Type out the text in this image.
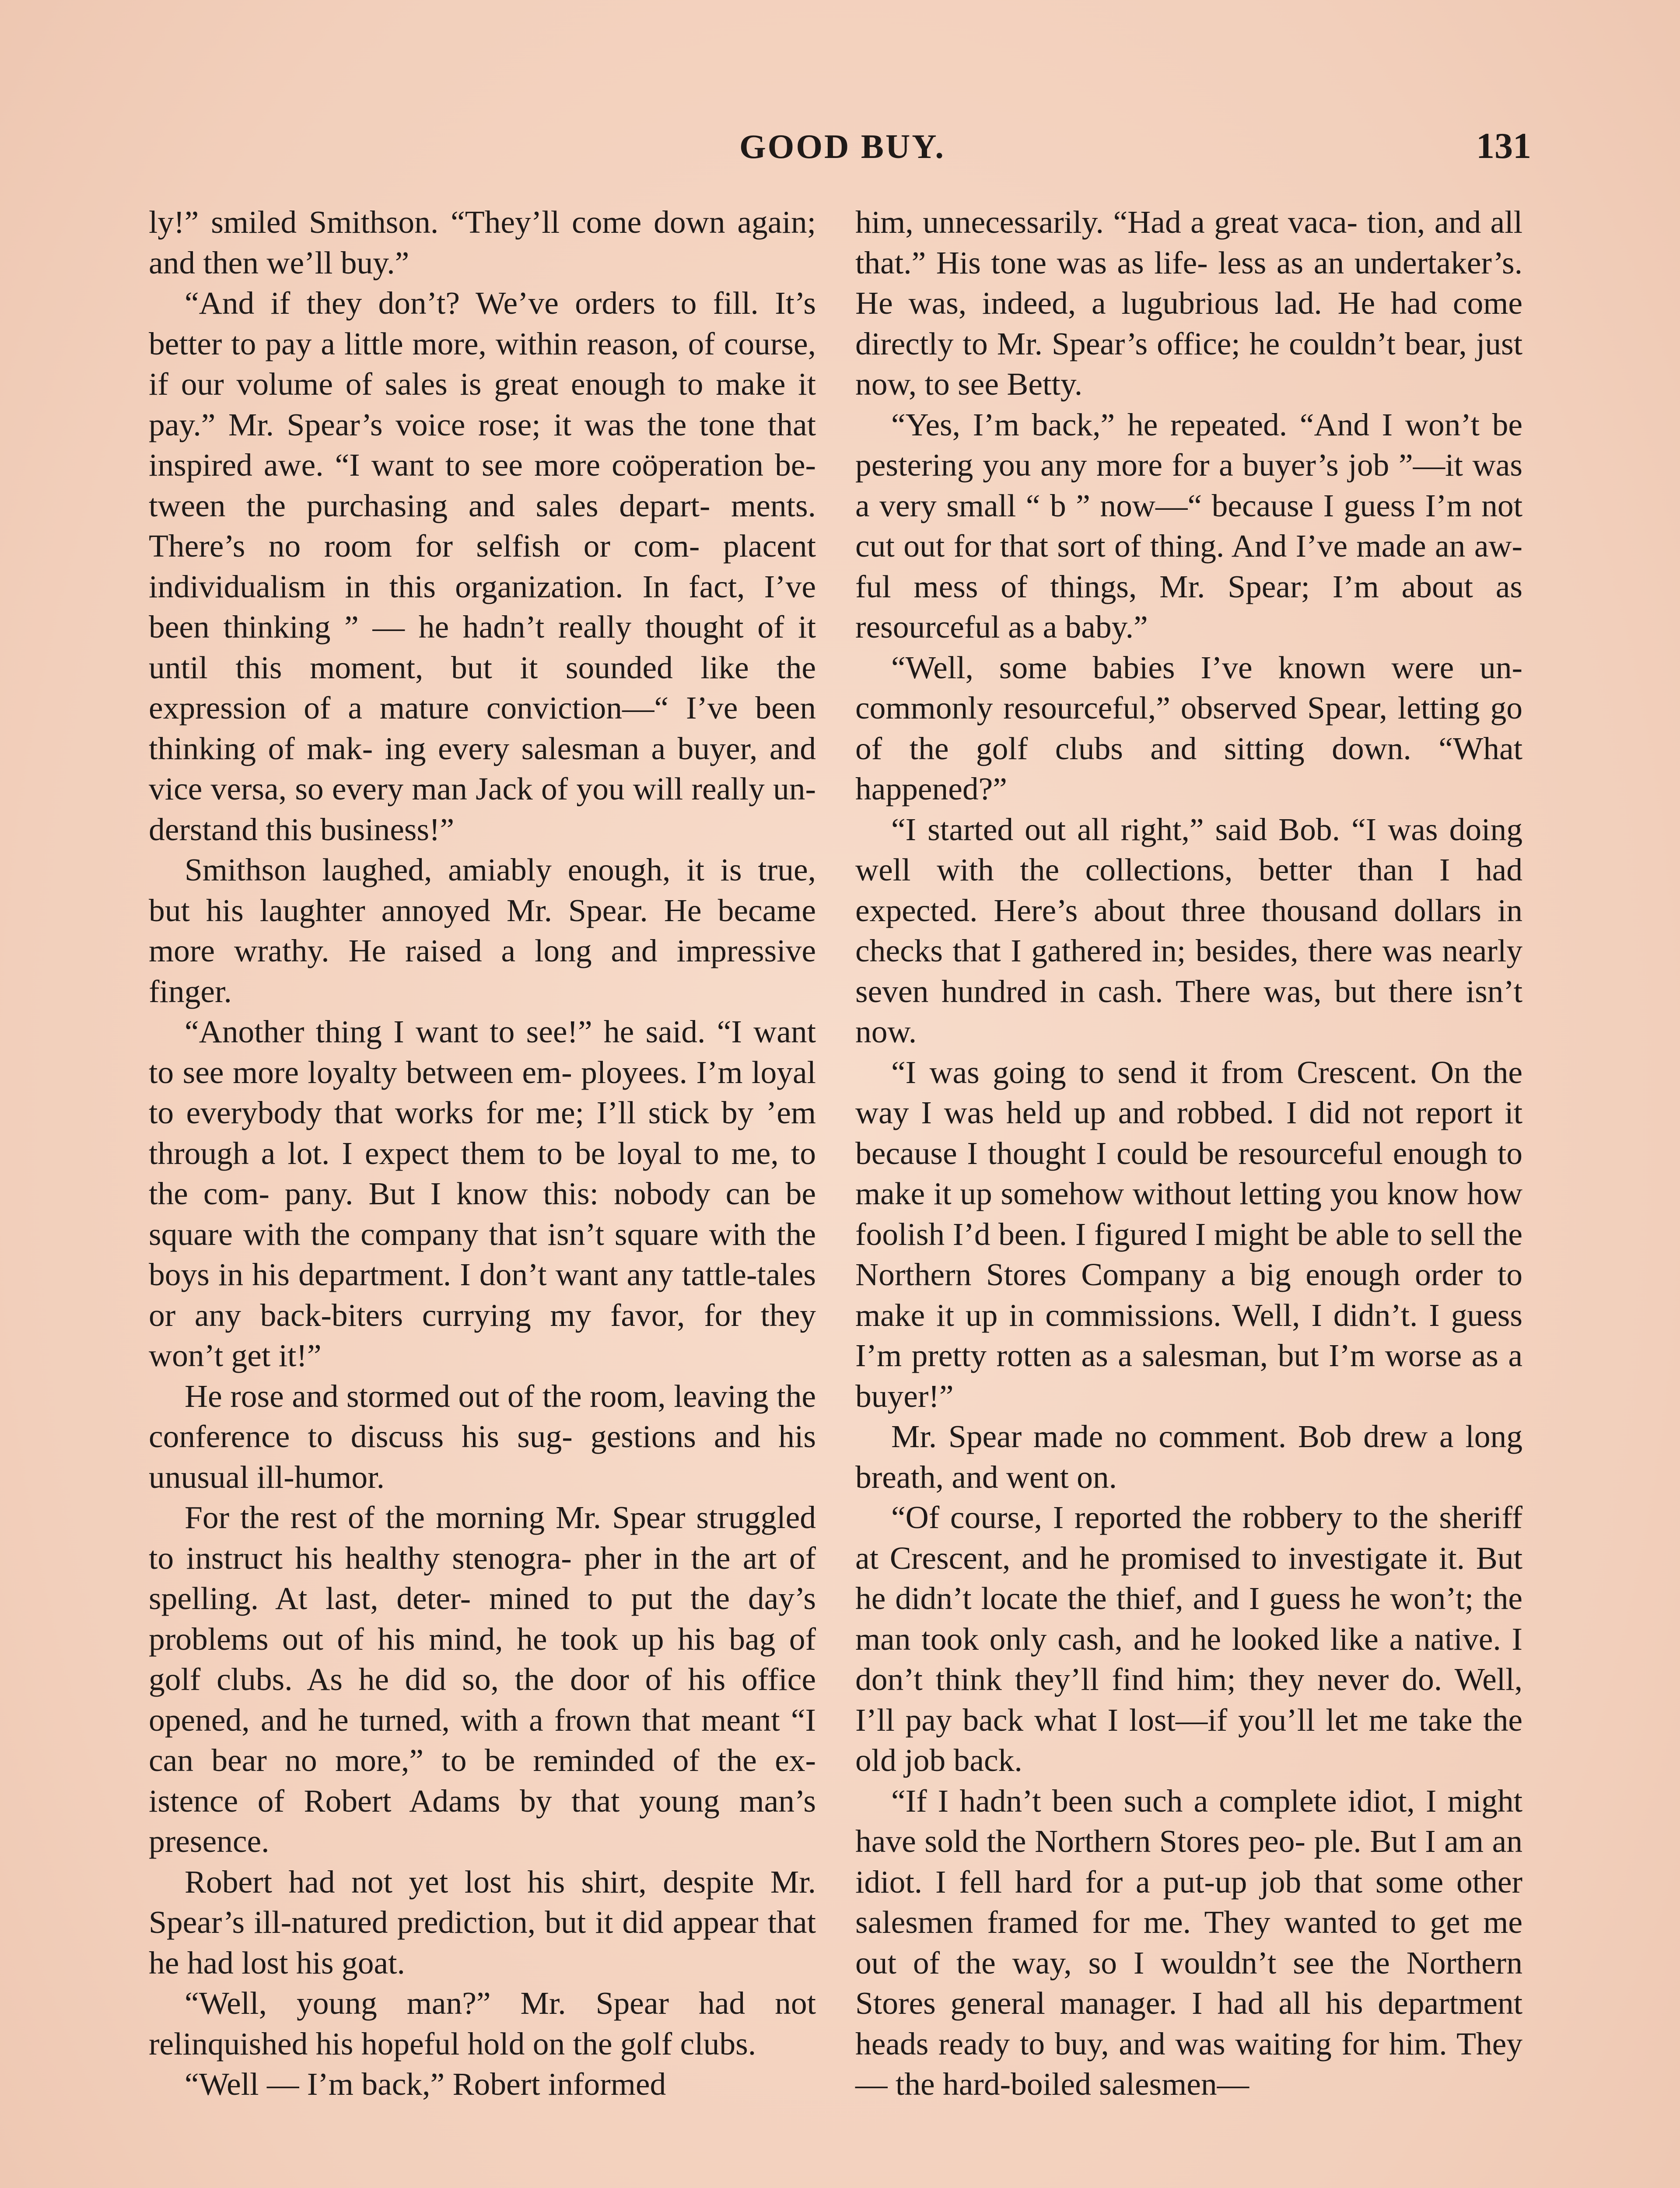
GOOD BUY.	131

ly!” smiled Smithson. “They’ll come down again; and then we’ll buy.”

“And if they don’t? We’ve orders to fill. It’s better to pay a little more, within reason, of course, if our volume of sales is great enough to make it pay.” Mr. Spear’s voice rose; it was the tone that inspired awe. “I want to see more coöperation be- tween the purchasing and sales depart- ments. There’s no room for selfish or com- placent individualism in this organization. In fact, I’ve been thinking ” — he hadn’t really thought of it until this moment, but it sounded like the expression of a mature conviction—“ I’ve been thinking of mak- ing every salesman a buyer, and vice versa, so every man Jack of you will really un- derstand this business!”

Smithson laughed, amiably enough, it is true, but his laughter annoyed Mr. Spear. He became more wrathy. He raised a long and impressive finger.

“Another thing I want to see!” he said. “I want to see more loyalty between em- ployees. I’m loyal to everybody that works for me; I’ll stick by ’em through a lot. I expect them to be loyal to me, to the com- pany. But I know this: nobody can be square with the company that isn’t square with the boys in his department. I don’t want any tattle-tales or any back-biters currying my favor, for they won’t get it!”

He rose and stormed out of the room, leaving the conference to discuss his sug- gestions and his unusual ill-humor.

For the rest of the morning Mr. Spear struggled to instruct his healthy stenogra- pher in the art of spelling. At last, deter- mined to put the day’s problems out of his mind, he took up his bag of golf clubs. As he did so, the door of his office opened, and he turned, with a frown that meant “I can bear no more,” to be reminded of the ex- istence of Robert Adams by that young man’s presence.

Robert had not yet lost his shirt, despite Mr. Spear’s ill-natured prediction, but it did appear that he had lost his goat.

“Well, young man?” Mr. Spear had not relinquished his hopeful hold on the golf clubs.

“Well — I’m back,” Robert informed

him, unnecessarily. “Had a great vaca- tion, and all that.” His tone was as life- less as an undertaker’s. He was, indeed, a lugubrious lad. He had come directly to Mr. Spear’s office; he couldn’t bear, just now, to see Betty.

“Yes, I’m back,” he repeated. “And I won’t be pestering you any more for a buyer’s job ”—it was a very small “ b ” now—“ because I guess I’m not cut out for that sort of thing. And I’ve made an aw- ful mess of things, Mr. Spear; I’m about as resourceful as a baby.”

“Well, some babies I’ve known were un- commonly resourceful,” observed Spear, letting go of the golf clubs and sitting down. “What happened?”

“I started out all right,” said Bob. “I was doing well with the collections, better than I had expected. Here’s about three thousand dollars in checks that I gathered in; besides, there was nearly seven hundred in cash. There was, but there isn’t now.

“I was going to send it from Crescent. On the way I was held up and robbed. I did not report it because I thought I could be resourceful enough to make it up somehow without letting you know how foolish I’d been. I figured I might be able to sell the Northern Stores Company a big enough order to make it up in commissions. Well, I didn’t. I guess I’m pretty rotten as a salesman, but I’m worse as a buyer!”

Mr. Spear made no comment. Bob drew a long breath, and went on.

“Of course, I reported the robbery to the sheriff at Crescent, and he promised to investigate it. But he didn’t locate the thief, and I guess he won’t; the man took only cash, and he looked like a native. I don’t think they’ll find him; they never do. Well, I’ll pay back what I lost—if you’ll let me take the old job back.

“If I hadn’t been such a complete idiot, I might have sold the Northern Stores peo- ple. But I am an idiot. I fell hard for a put-up job that some other salesmen framed for me. They wanted to get me out of the way, so I wouldn’t see the Northern Stores general manager. I had all his department heads ready to buy, and was waiting for him. They — the hard-boiled salesmen—
